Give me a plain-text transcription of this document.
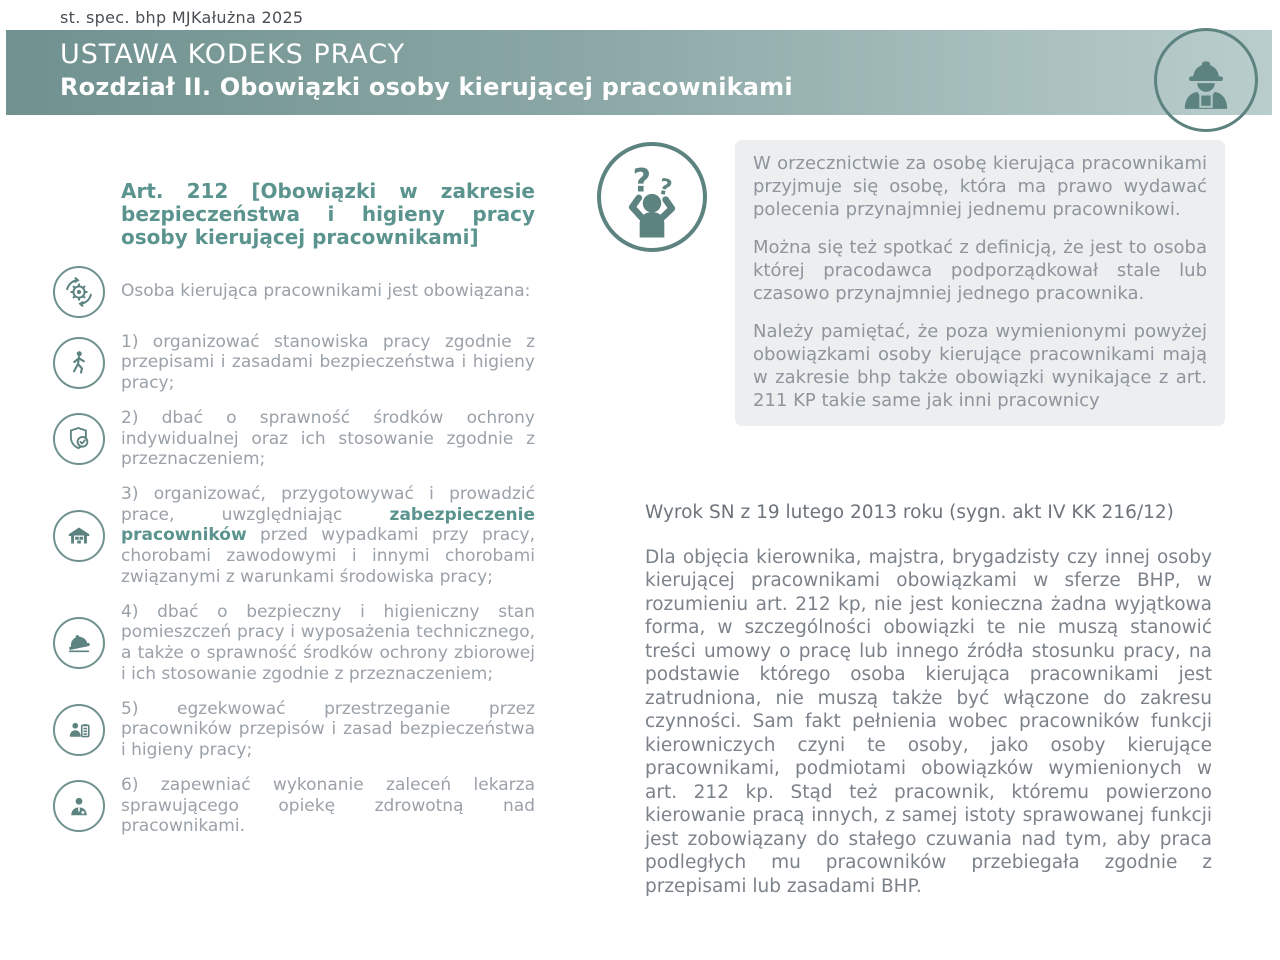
st. spec. bhp MJKałużna 2025
USTAWA KODEKS PRACY
Rozdział II. Obowiązki osoby kierującej pracownikami
Art. 212 [Obowiązki w zakresie bezpieczeństwa i higieny pracy osoby kierującej pracownikami]
Osoba kierująca pracownikami jest obowiązana:
1) organizować stanowiska pracy zgodnie z przepisami i zasadami bezpieczeństwa i higieny pracy;
2) dbać o sprawność środków ochrony indywidualnej oraz ich stosowanie zgodnie z przeznaczeniem;
3) organizować, przygotowywać i prowadzić prace, uwzględniając zabezpieczenie pracowników przed wypadkami przy pracy, chorobami zawodowymi i innymi chorobami związanymi z warunkami środowiska pracy;
4) dbać o bezpieczny i higieniczny stan pomieszczeń pracy i wyposażenia technicznego, a także o sprawność środków ochrony zbiorowej i ich stosowanie zgodnie z przeznaczeniem;
5) egzekwować przestrzeganie przez pracowników przepisów i zasad bezpieczeństwa i higieny pracy;
6) zapewniać wykonanie zaleceń lekarza sprawującego opiekę zdrowotną nad pracownikami.
? ?

W orzecznictwie za osobę kierująca pracownikami przyjmuje się osobę, która ma prawo wydawać polecenia przynajmniej jednemu pracownikowi.

Można się też spotkać z definicją, że jest to osoba której pracodawca podporządkował stale lub czasowo przynajmniej jednego pracownika.

Należy pamiętać, że poza wymienionymi powyżej obowiązkami osoby kierujące pracownikami mają w zakresie bhp także obowiązki wynikające z art. 211 KP takie same jak inni pracownicy

Wyrok SN z 19 lutego 2013 roku (sygn. akt IV KK 216/12)
Dla objęcia kierownika, majstra, brygadzisty czy innej osoby kierującej pracownikami obowiązkami w sferze BHP, w rozumieniu art. 212 kp, nie jest konieczna żadna wyjątkowa forma, w szczególności obowiązki te nie muszą stanowić treści umowy o pracę lub innego źródła stosunku pracy, na podstawie którego osoba kierująca pracownikami jest zatrudniona, nie muszą także być włączone do zakresu czynności. Sam fakt pełnienia wobec pracowników funkcji kierowniczych czyni te osoby, jako osoby kierujące pracownikami, podmiotami obowiązków wymienionych w art. 212 kp. Stąd też pracownik, któremu powierzono kierowanie pracą innych, z samej istoty sprawowanej funkcji jest zobowiązany do stałego czuwania nad tym, aby praca podległych mu pracowników przebiegała zgodnie z przepisami lub zasadami BHP.
